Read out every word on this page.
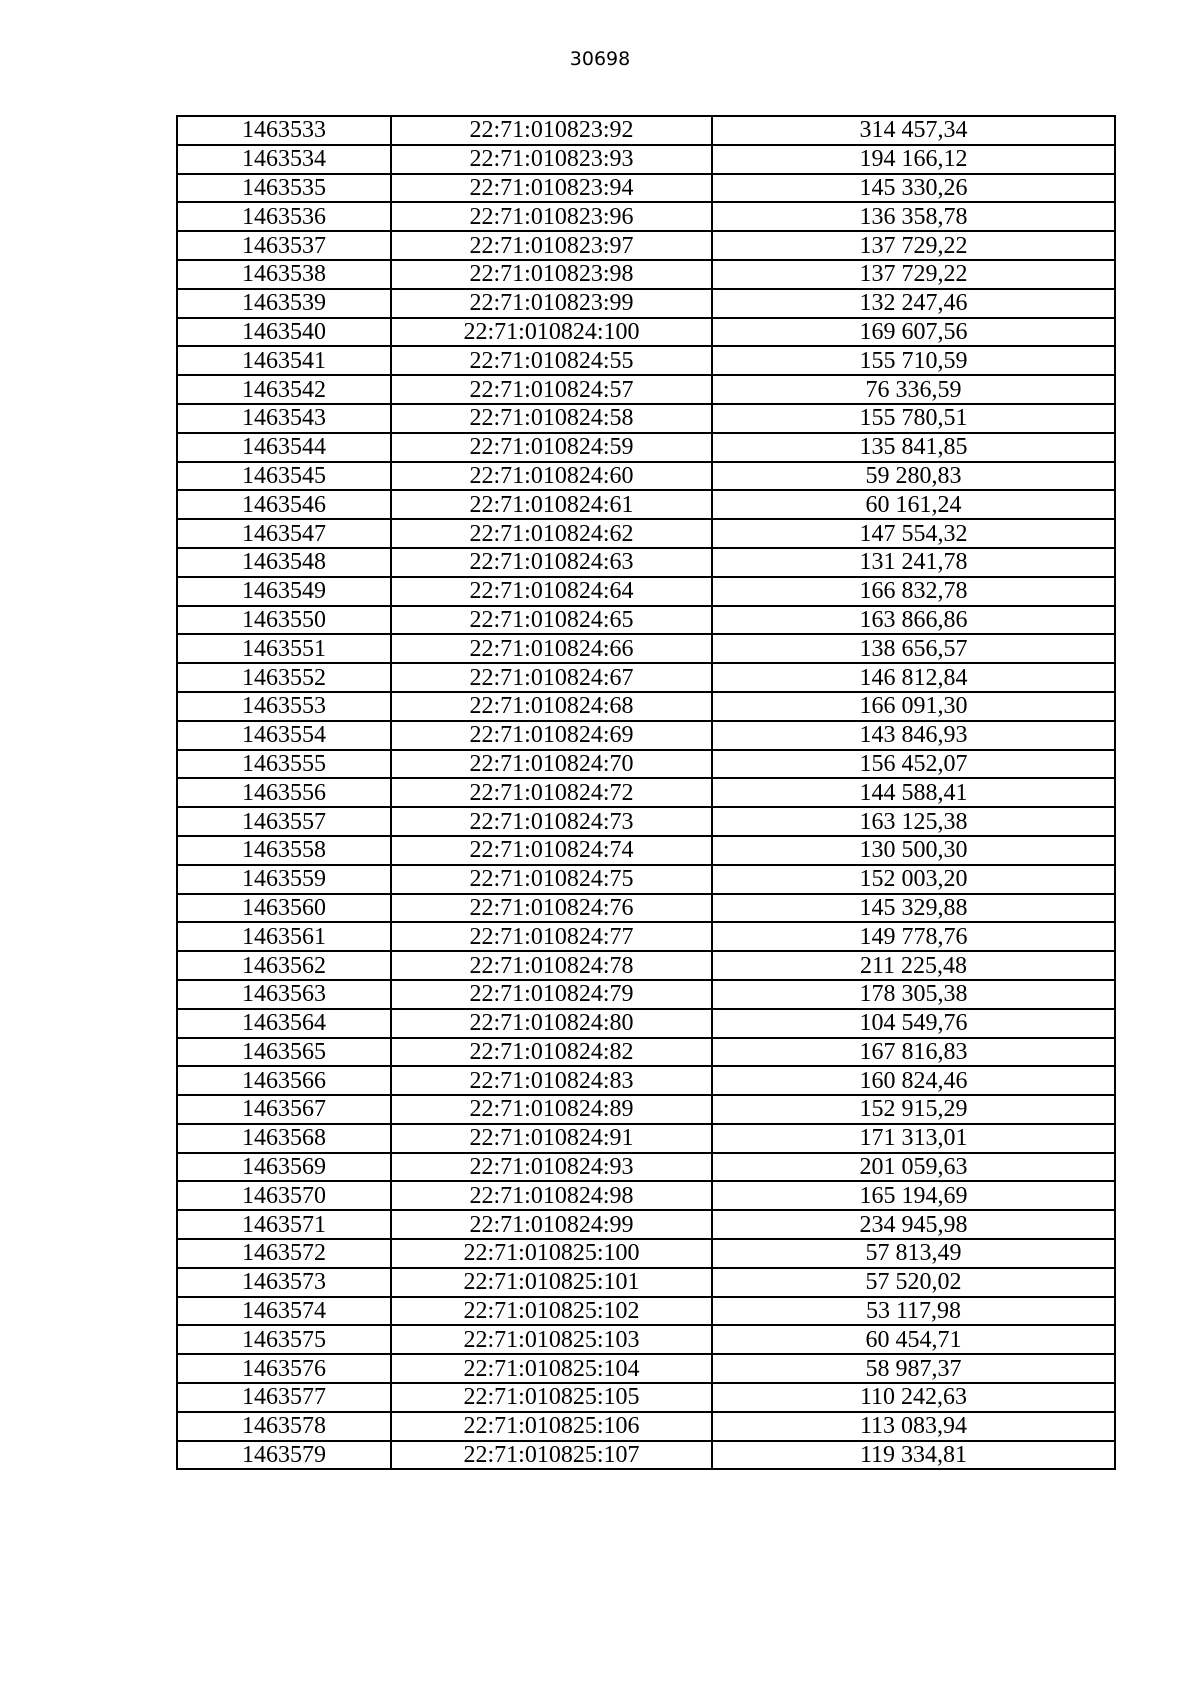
30698
1463533	22:71:010823:92	314 457,34
1463534	22:71:010823:93	194 166,12
1463535	22:71:010823:94	145 330,26
1463536	22:71:010823:96	136 358,78
1463537	22:71:010823:97	137 729,22
1463538	22:71:010823:98	137 729,22
1463539	22:71:010823:99	132 247,46
1463540	22:71:010824:100	169 607,56
1463541	22:71:010824:55	155 710,59
1463542	22:71:010824:57	76 336,59
1463543	22:71:010824:58	155 780,51
1463544	22:71:010824:59	135 841,85
1463545	22:71:010824:60	59 280,83
1463546	22:71:010824:61	60 161,24
1463547	22:71:010824:62	147 554,32
1463548	22:71:010824:63	131 241,78
1463549	22:71:010824:64	166 832,78
1463550	22:71:010824:65	163 866,86
1463551	22:71:010824:66	138 656,57
1463552	22:71:010824:67	146 812,84
1463553	22:71:010824:68	166 091,30
1463554	22:71:010824:69	143 846,93
1463555	22:71:010824:70	156 452,07
1463556	22:71:010824:72	144 588,41
1463557	22:71:010824:73	163 125,38
1463558	22:71:010824:74	130 500,30
1463559	22:71:010824:75	152 003,20
1463560	22:71:010824:76	145 329,88
1463561	22:71:010824:77	149 778,76
1463562	22:71:010824:78	211 225,48
1463563	22:71:010824:79	178 305,38
1463564	22:71:010824:80	104 549,76
1463565	22:71:010824:82	167 816,83
1463566	22:71:010824:83	160 824,46
1463567	22:71:010824:89	152 915,29
1463568	22:71:010824:91	171 313,01
1463569	22:71:010824:93	201 059,63
1463570	22:71:010824:98	165 194,69
1463571	22:71:010824:99	234 945,98
1463572	22:71:010825:100	57 813,49
1463573	22:71:010825:101	57 520,02
1463574	22:71:010825:102	53 117,98
1463575	22:71:010825:103	60 454,71
1463576	22:71:010825:104	58 987,37
1463577	22:71:010825:105	110 242,63
1463578	22:71:010825:106	113 083,94
1463579	22:71:010825:107	119 334,81
